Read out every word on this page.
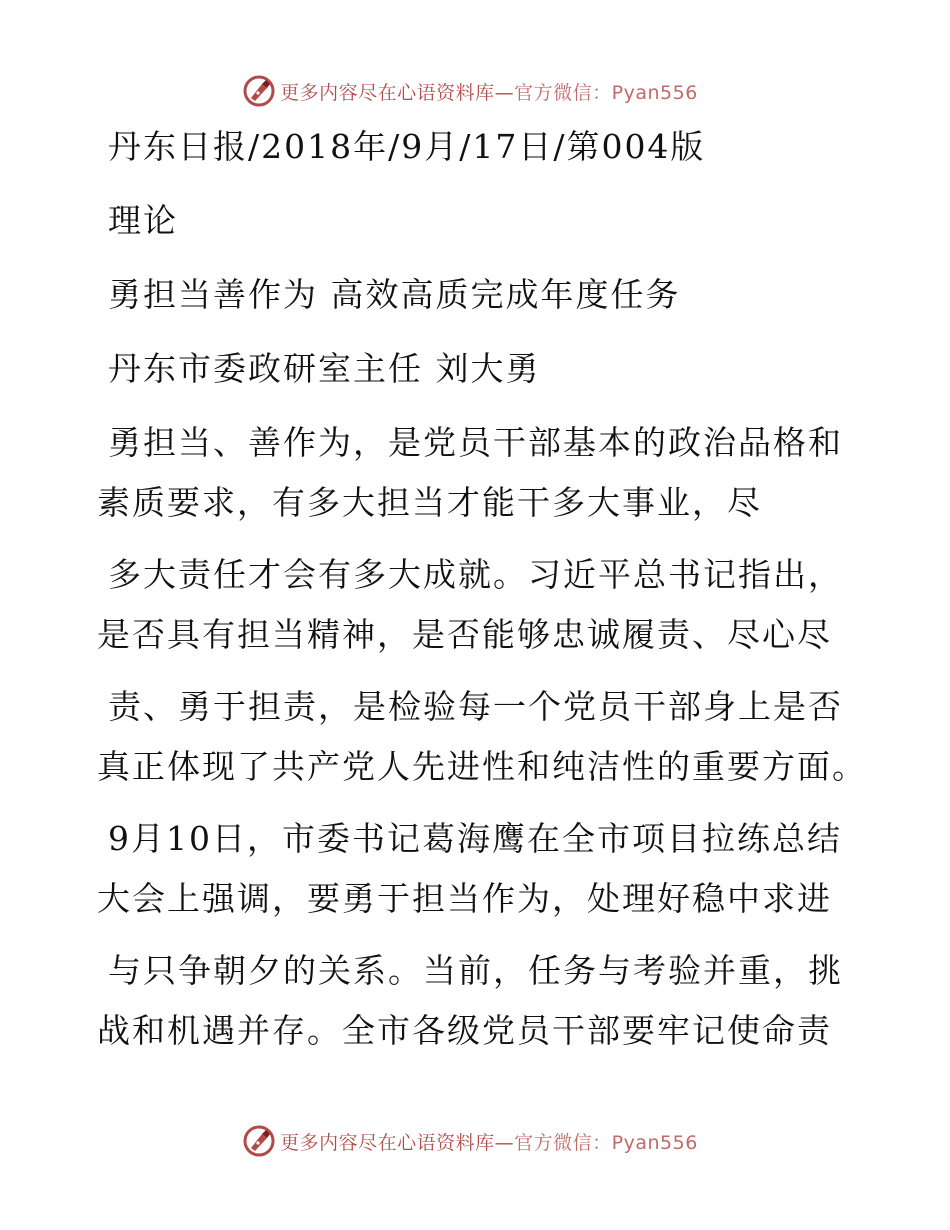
更多内容尽在心语资料库—官方微信：Pyan556
丹东日报/2018年/9月/17日/第004版
理论
勇担当善作为 高效高质完成年度任务
丹东市委政研室主任 刘大勇
勇担当、善作为，是党员干部基本的政治品格和
素质要求，有多大担当才能干多大事业，尽
多大责任才会有多大成就。习近平总书记指出，
是否具有担当精神，是否能够忠诚履责、尽心尽
责、勇于担责，是检验每一个党员干部身上是否
真正体现了共产党人先进性和纯洁性的重要方面。
9月10日，市委书记葛海鹰在全市项目拉练总结
大会上强调，要勇于担当作为，处理好稳中求进
与只争朝夕的关系。当前，任务与考验并重，挑
战和机遇并存。全市各级党员干部要牢记使命责
更多内容尽在心语资料库—官方微信：Pyan556
